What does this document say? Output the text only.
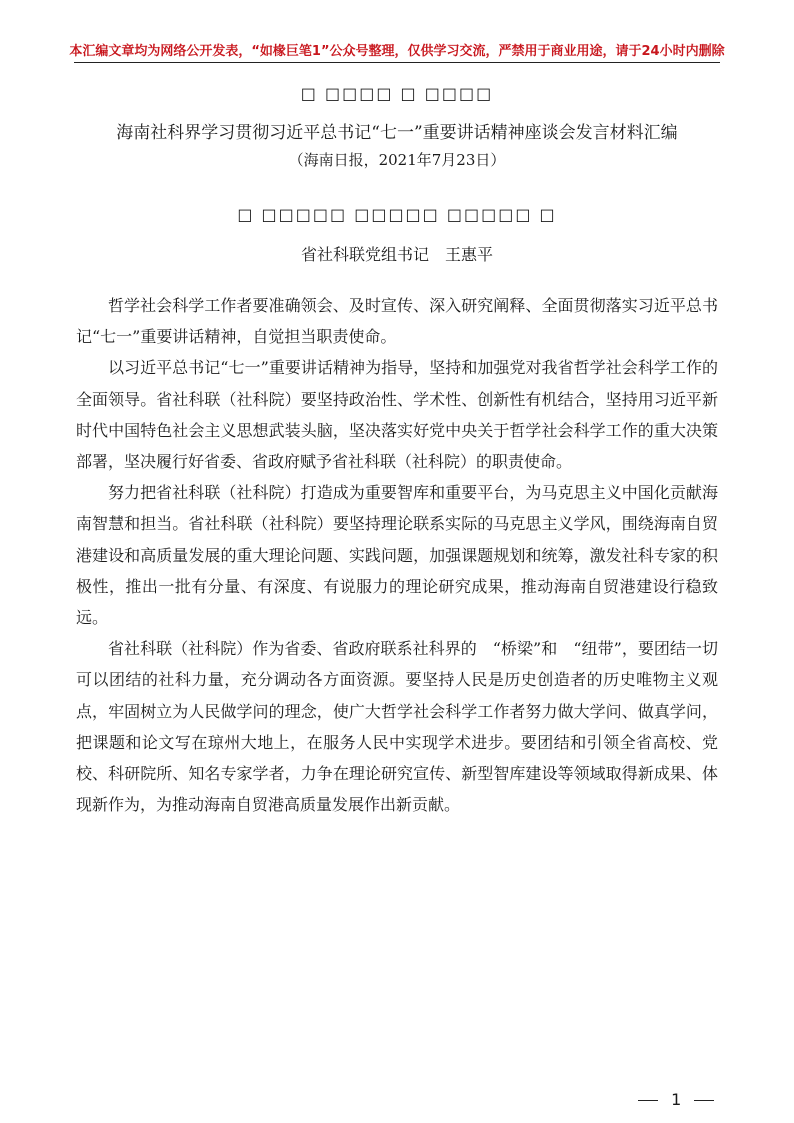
本汇编文章均为网络公开发表，“如椽巨笔1”公众号整理，仅供学习交流，严禁用于商业用途，请于24小时内删除
□ □□□□ □ □□□□
海南社科界学习贯彻习近平总书记“七一”重要讲话精神座谈会发言材料汇编
（海南日报，2021年7月23日）
□ □□□□□ □□□□□ □□□□□ □
省社科联党组书记　王惠平

哲学社会科学工作者要准确领会、及时宣传、深入研究阐释、全面贯彻落实习近平总书记“七一”重要讲话精神，自觉担当职责使命。

以习近平总书记“七一”重要讲话精神为指导，坚持和加强党对我省哲学社会科学工作的全面领导。省社科联（社科院）要坚持政治性、学术性、创新性有机结合，坚持用习近平新时代中国特色社会主义思想武装头脑，坚决落实好党中央关于哲学社会科学工作的重大决策部署，坚决履行好省委、省政府赋予省社科联（社科院）的职责使命。

努力把省社科联（社科院）打造成为重要智库和重要平台，为马克思主义中国化贡献海南智慧和担当。省社科联（社科院）要坚持理论联系实际的马克思主义学风，围绕海南自贸港建设和高质量发展的重大理论问题、实践问题，加强课题规划和统筹，激发社科专家的积极性，推出一批有分量、有深度、有说服力的理论研究成果，推动海南自贸港建设行稳致远。

省社科联（社科院）作为省委、省政府联系社科界的　“桥梁”和　“纽带”，要团结一切可以团结的社科力量，充分调动各方面资源。要坚持人民是历史创造者的历史唯物主义观点，牢固树立为人民做学问的理念，使广大哲学社会科学工作者努力做大学问、做真学问，把课题和论文写在琼州大地上，在服务人民中实现学术进步。要团结和引领全省高校、党校、科研院所、知名专家学者，力争在理论研究宣传、新型智库建设等领域取得新成果、体现新作为，为推动海南自贸港高质量发展作出新贡献。

1
